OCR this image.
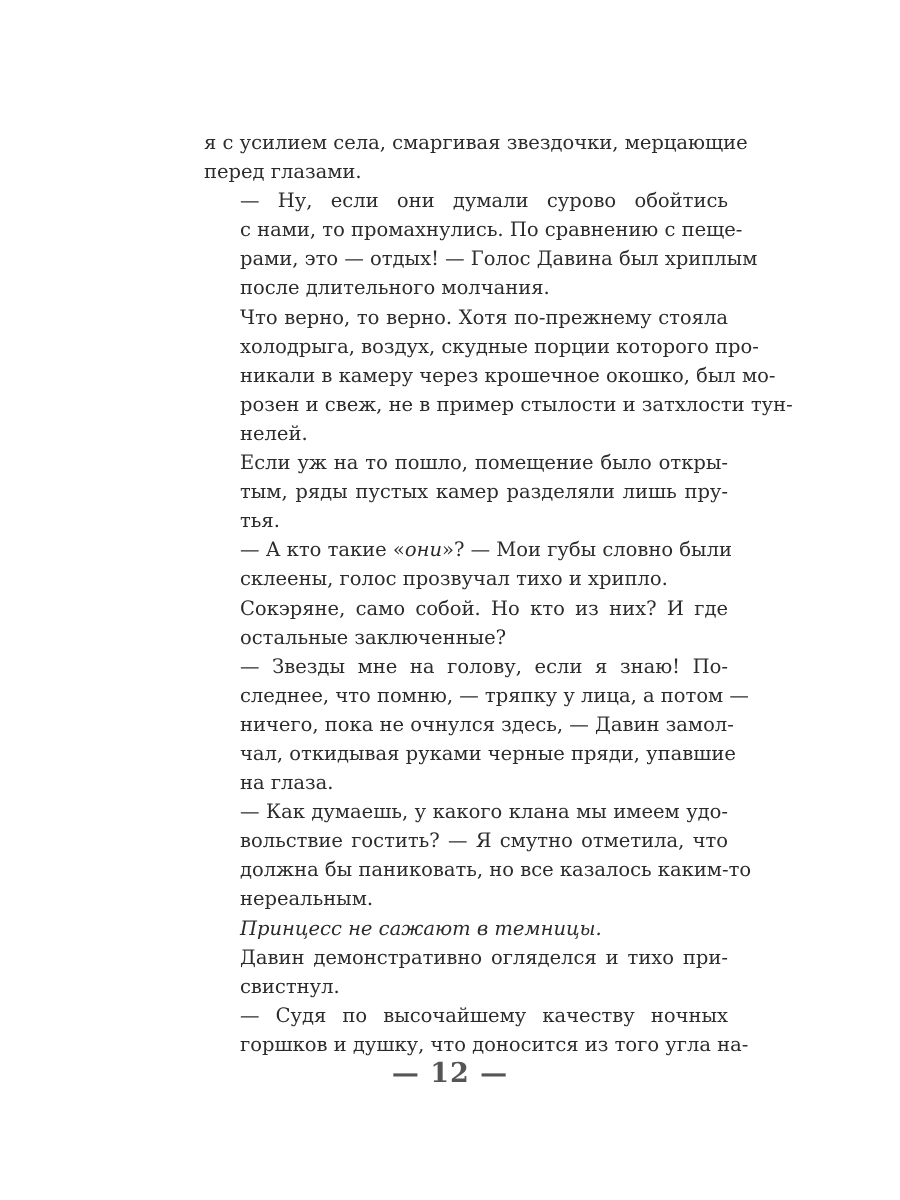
я с усилием села, смаргивая звездочки, мерцающие
перед глазами.

— Ну, если они думали сурово обойтись
с нами, то промахнулись. По сравнению с пеще-
рами, это — отдых! — Голос Давина был хриплым
после длительного молчания.

Что верно, то верно. Хотя по-прежнему стояла
холодрыга, воздух, скудные порции которого про-
никали в камеру через крошечное окошко, был мо-
розен и свеж, не в пример стылости и затхлости тун-
нелей.

Если уж на то пошло, помещение было откры-
тым, ряды пустых камер разделяли лишь пру-
тья.

— А кто такие «они»? — Мои губы словно были
склеены, голос прозвучал тихо и хрипло.

Сокэряне, само собой. Но кто из них? И где
остальные заключенные?

— Звезды мне на голову, если я знаю! По-
следнее, что помню, — тряпку у лица, а потом —
ничего, пока не очнулся здесь, — Давин замол-
чал, откидывая руками черные пряди, упавшие
на глаза.

— Как думаешь, у какого клана мы имеем удо-
вольствие гостить? — Я смутно отметила, что
должна бы паниковать, но все казалось каким-то
нереальным.

Принцесс не сажают в темницы.

Давин демонстративно огляделся и тихо при-
свистнул.

— Судя по высочайшему качеству ночных
горшков и душку, что доносится из того угла на-

— 12 —
